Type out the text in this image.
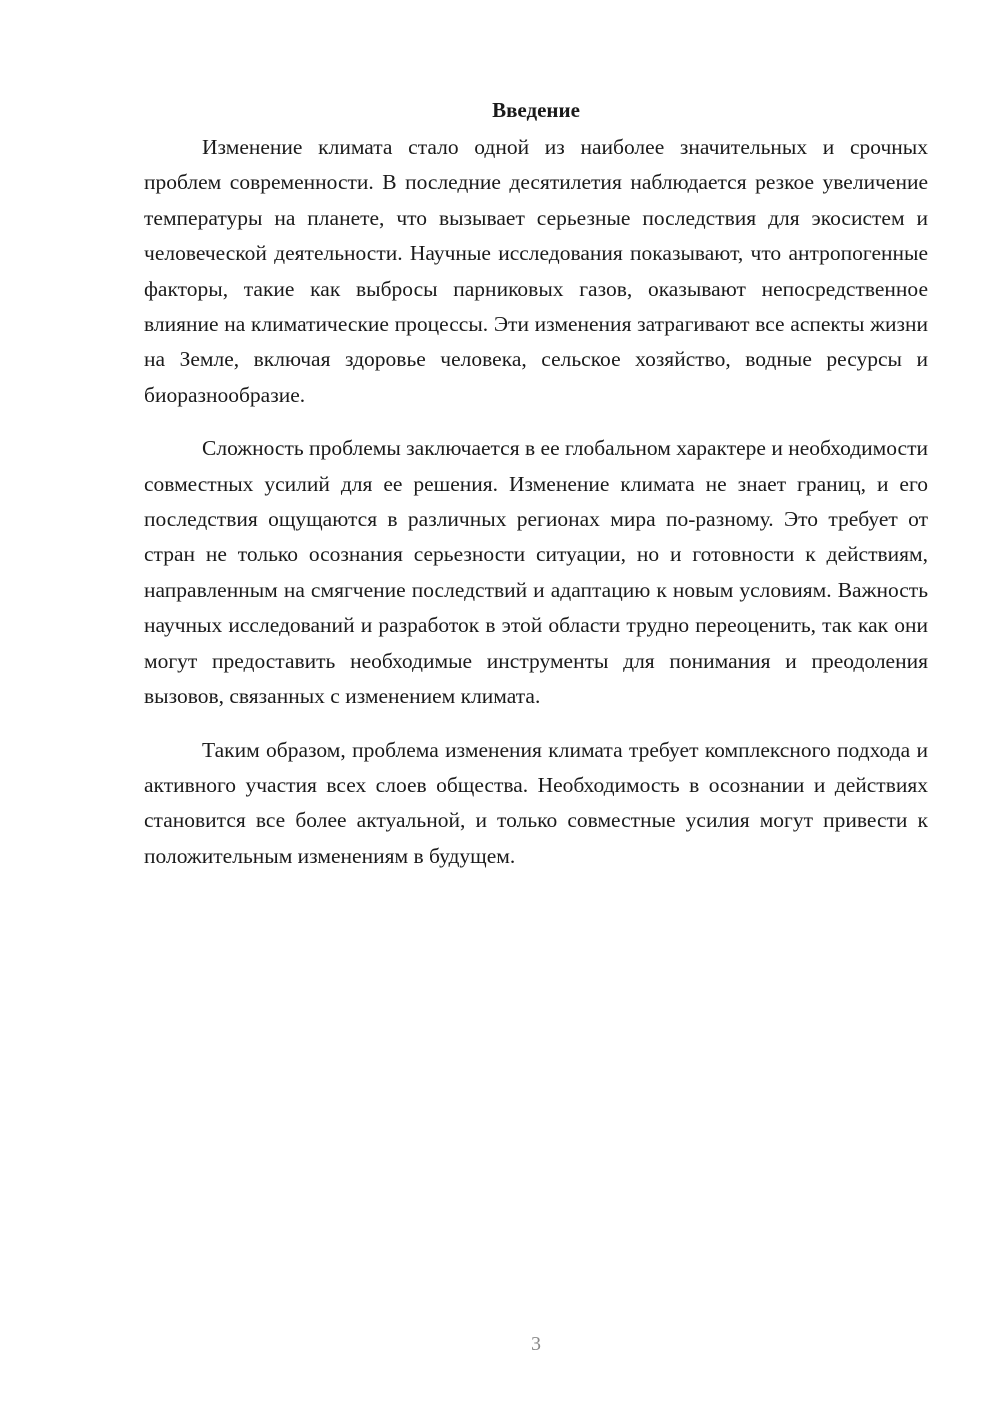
Введение

Изменение климата стало одной из наиболее значительных и срочных проблем современности. В последние десятилетия наблюдается резкое увеличение температуры на планете, что вызывает серьезные последствия для экосистем и человеческой деятельности. Научные исследования показывают, что антропогенные факторы, такие как выбросы парниковых газов, оказывают непосредственное влияние на климатические процессы. Эти изменения затрагивают все аспекты жизни на Земле, включая здоровье человека, сельское хозяйство, водные ресурсы и биоразнообразие.

Сложность проблемы заключается в ее глобальном характере и необходимости совместных усилий для ее решения. Изменение климата не знает границ, и его последствия ощущаются в различных регионах мира по-разному. Это требует от стран не только осознания серьезности ситуации, но и готовности к действиям, направленным на смягчение последствий и адаптацию к новым условиям. Важность научных исследований и разработок в этой области трудно переоценить, так как они могут предоставить необходимые инструменты для понимания и преодоления вызовов, связанных с изменением климата.

Таким образом, проблема изменения климата требует комплексного подхода и активного участия всех слоев общества. Необходимость в осознании и действиях становится все более актуальной, и только совместные усилия могут привести к положительным изменениям в будущем.

3
